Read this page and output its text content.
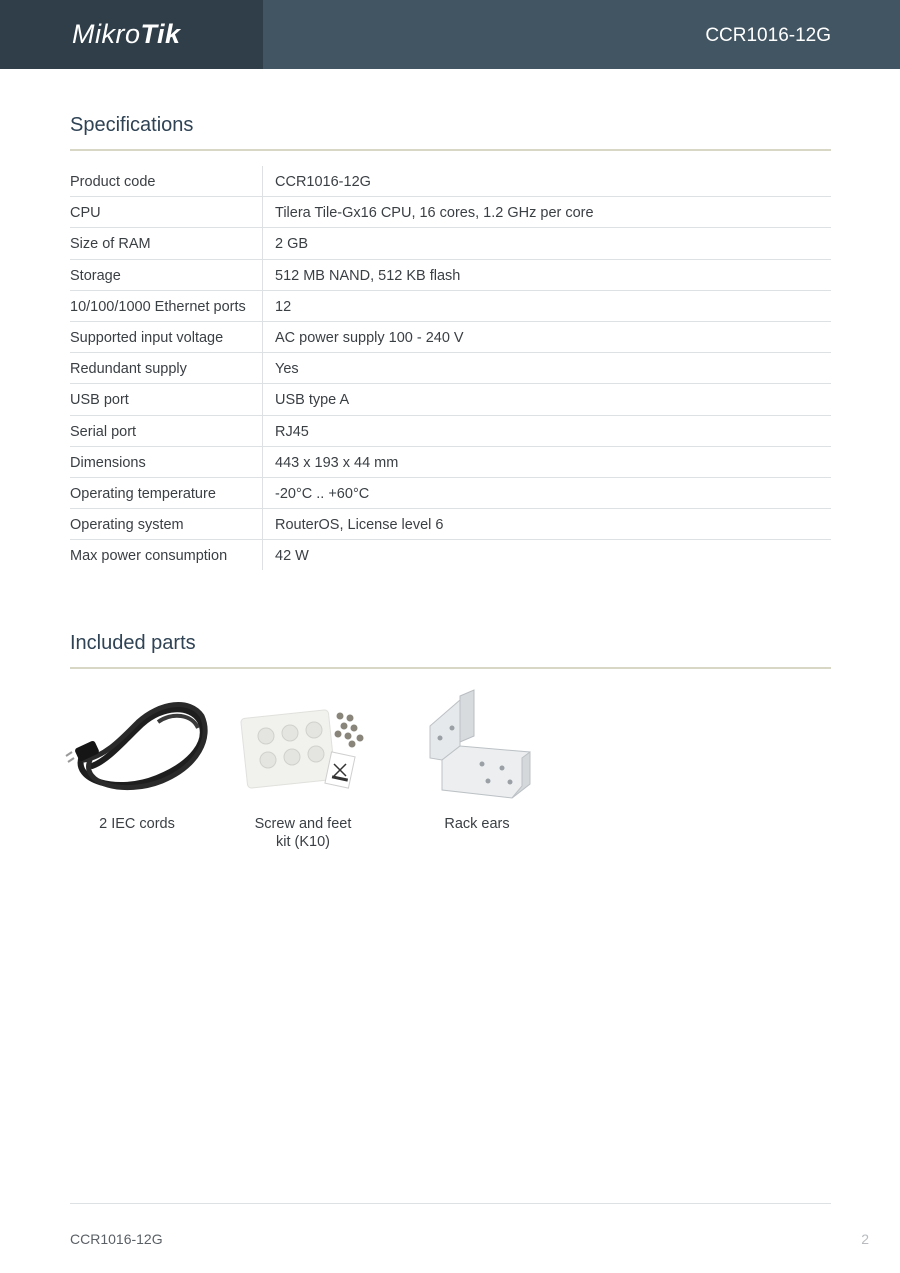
MikroTik	CCR1016-12G
Specifications
Product code	CCR1016-12G
CPU	Tilera Tile-Gx16 CPU, 16 cores, 1.2 GHz per core
Size of RAM	2 GB
Storage	512 MB NAND, 512 KB flash
10/100/1000 Ethernet ports	12
Supported input voltage	AC power supply 100 - 240 V
Redundant supply	Yes
USB port	USB type A
Serial port	RJ45
Dimensions	443 x 193 x 44 mm
Operating temperature	-20°C .. +60°C
Operating system	RouterOS, License level 6
Max power consumption	42 W
Included parts
2 IEC cords	Screw and feet
kit (K10)
Rack ears
CCR1016-12G	2
